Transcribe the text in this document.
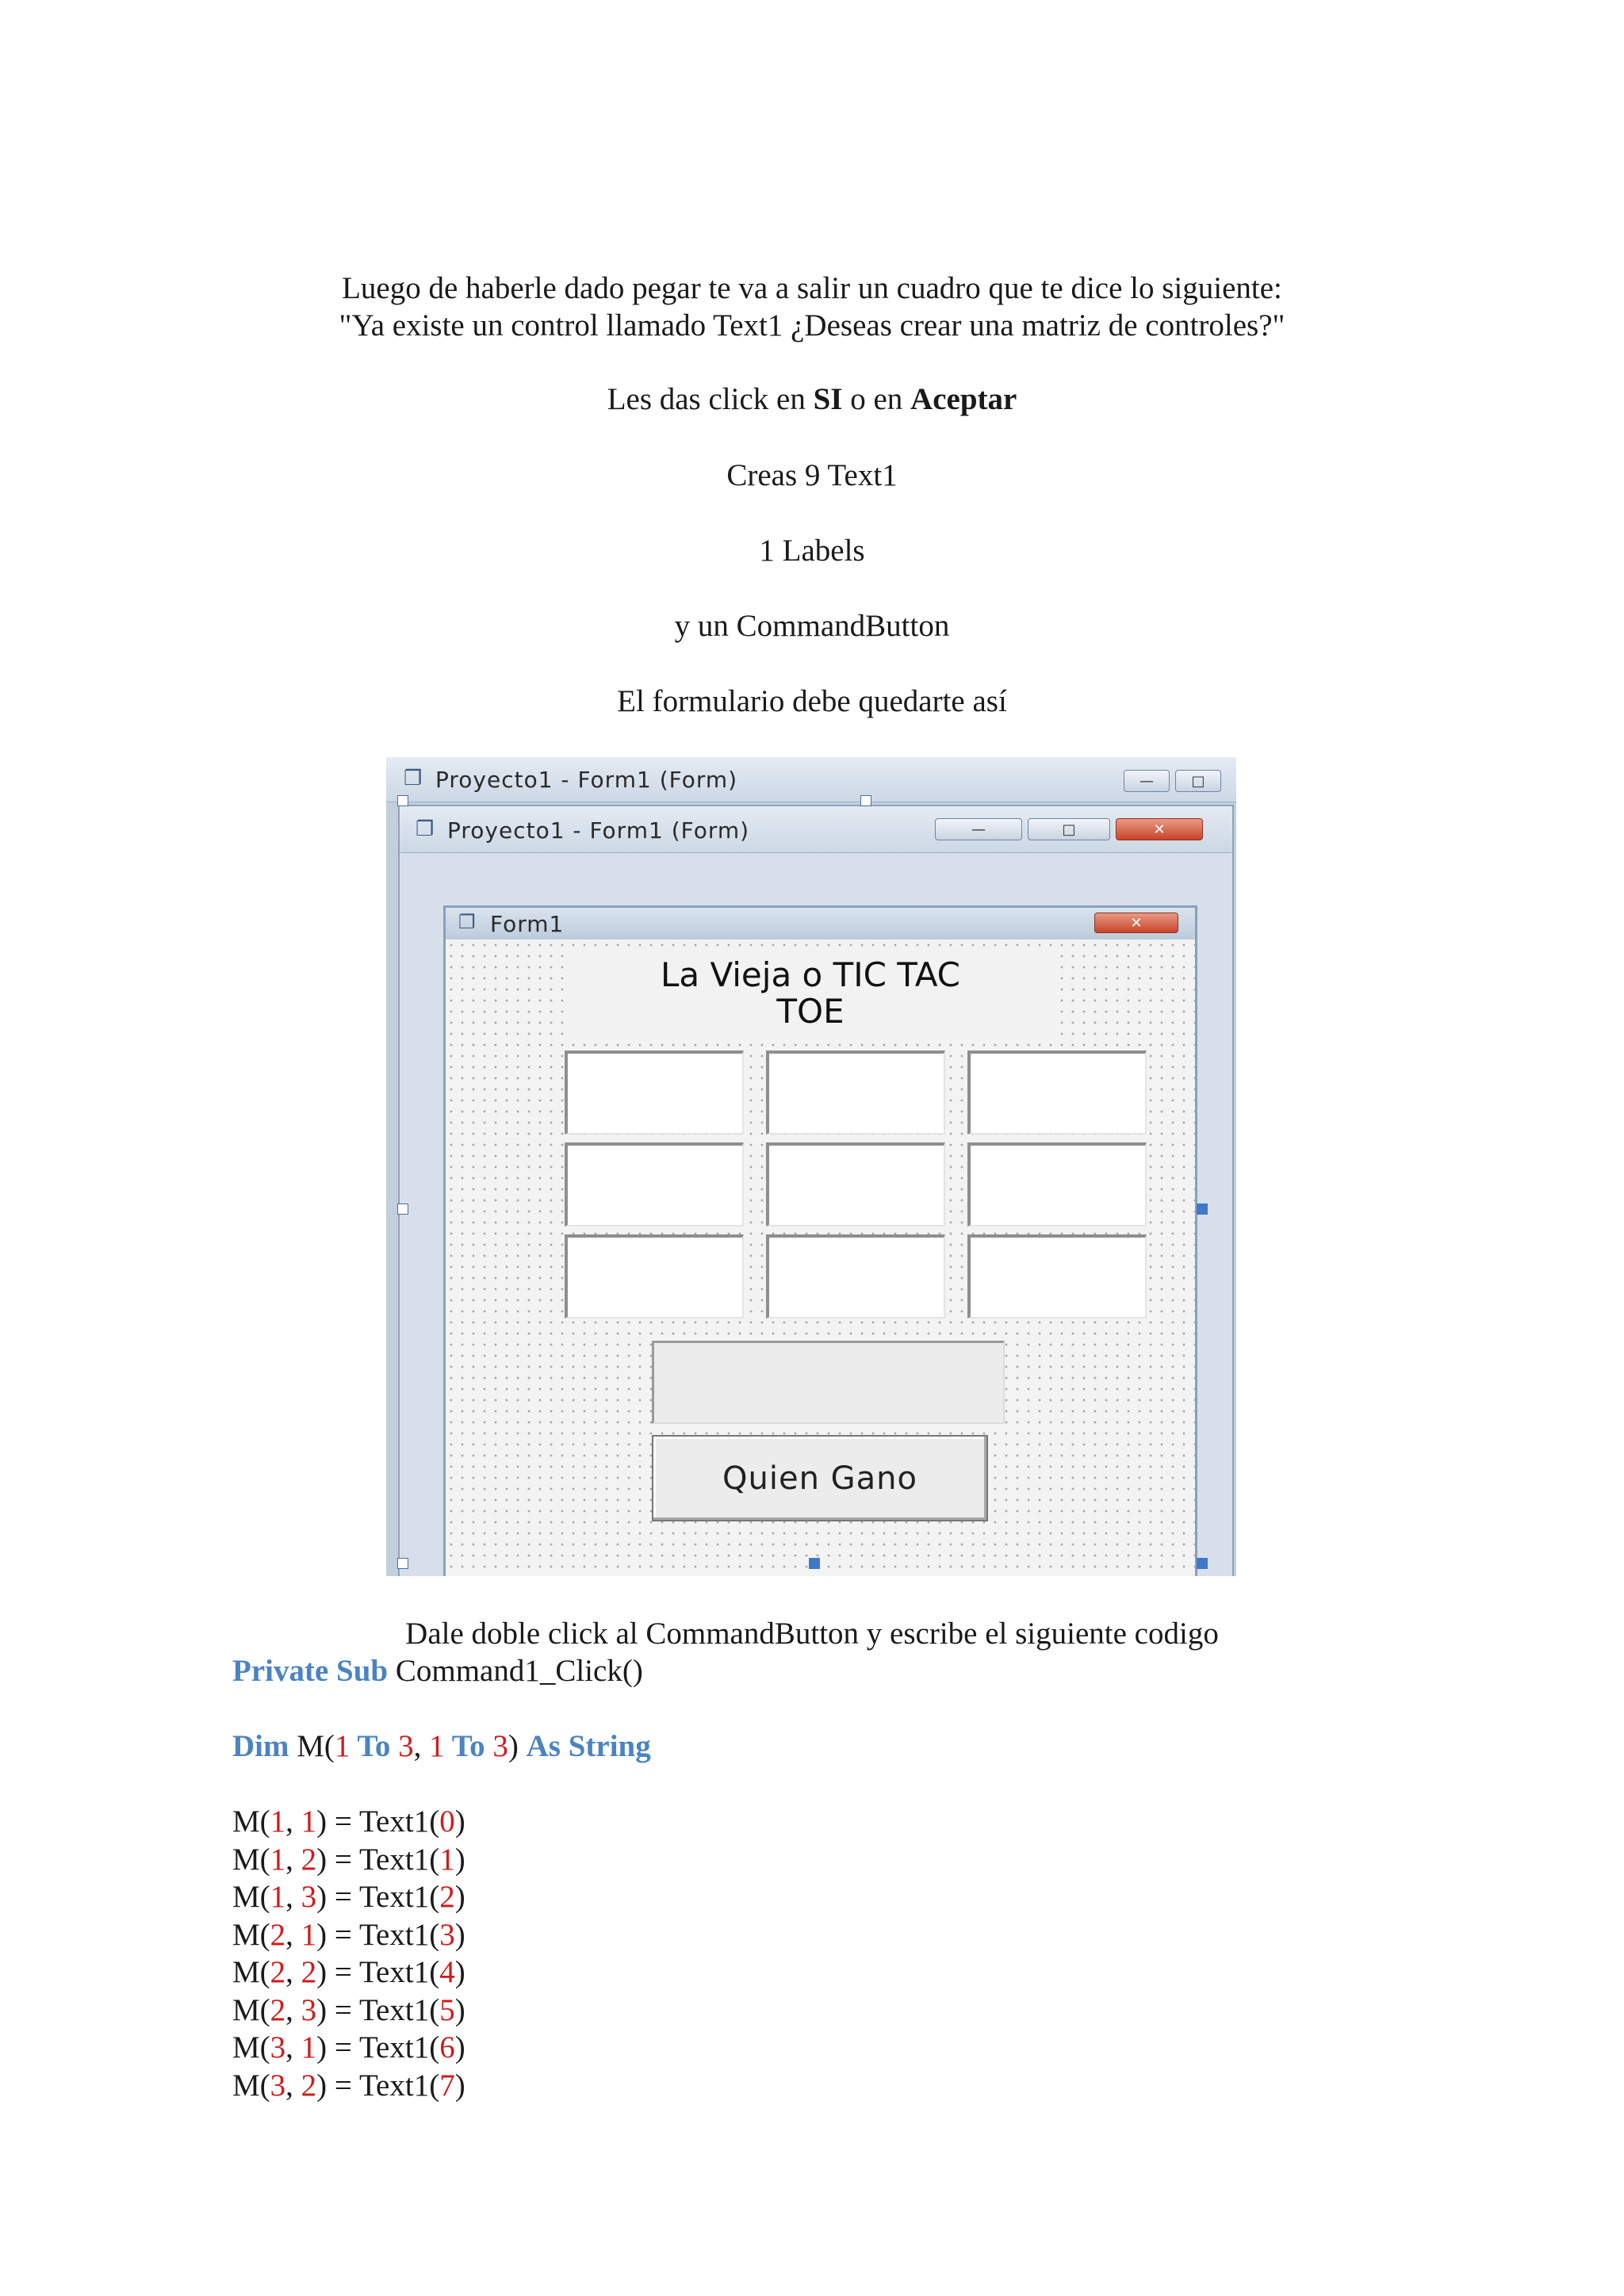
Luego de haberle dado pegar te va a salir un cuadro que te dice lo siguiente:

"Ya existe un control llamado Text1 ¿Deseas crear una matriz de controles?"

Les das click en SI o en Aceptar
Creas 9 Text1
1 Labels
y un CommandButton
El formulario debe quedarte así
❐ Proyecto1 - Form1 (Form)	—	□
❐ Proyecto1 - Form1 (Form)	—	□	✕
❐ Form1	✕
La Vieja o TIC TAC
TOE
Quien Gano
Dale doble click al CommandButton y escribe el siguiente codigo
Private Sub Command1_Click()
Dim M(1 To 3, 1 To 3) As String
M(1, 1) = Text1(0)
M(1, 2) = Text1(1)
M(1, 3) = Text1(2)
M(2, 1) = Text1(3)
M(2, 2) = Text1(4)
M(2, 3) = Text1(5)
M(3, 1) = Text1(6)
M(3, 2) = Text1(7)
